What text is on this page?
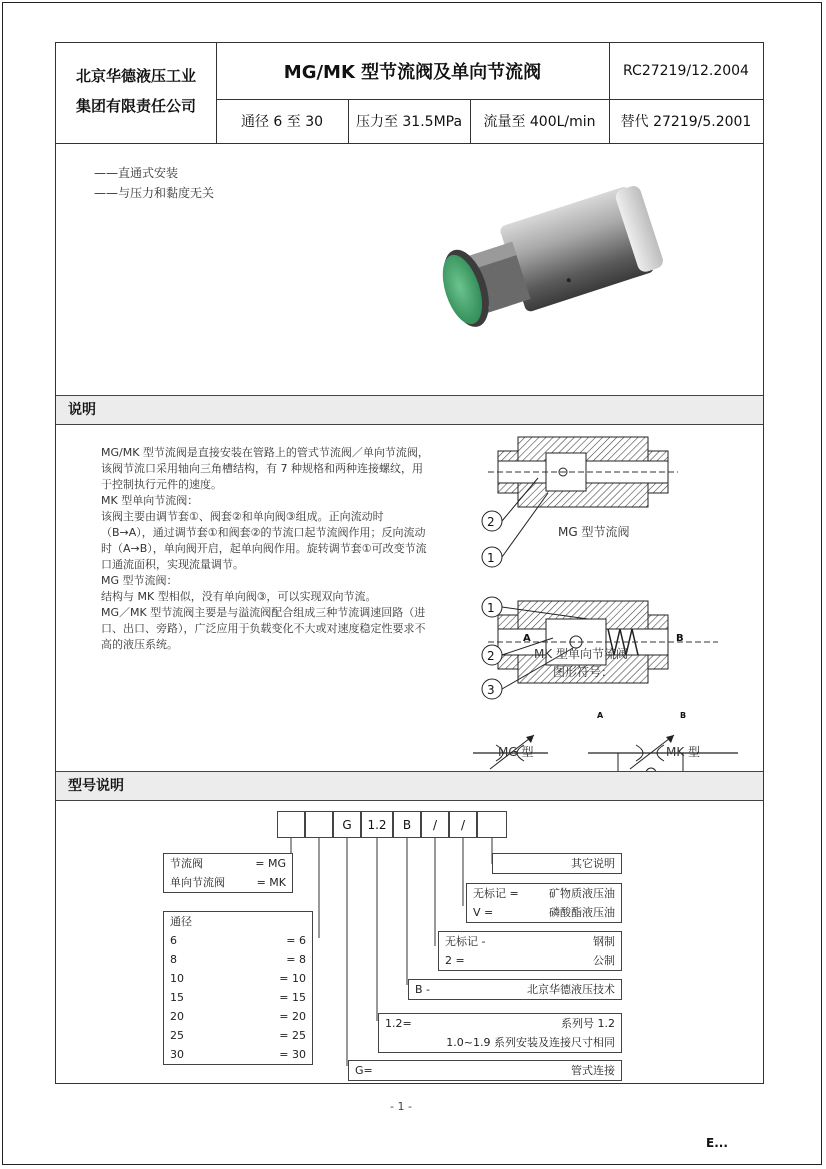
北京华德液压工业
集团有限责任公司
MG/MK 型节流阀及单向节流阀	RC27219/12.2004
通径 6 至 30	压力至 31.5MPa	流量至 400L/min	替代 27219/5.2001
——直通式安装
——与压力和黏度无关
说明

MG/MK 型节流阀是直接安装在管路上的管式节流阀／单向节流阀，该阀节流口采用轴向三角槽结构，有 7 种规格和两种连接螺纹，用于控制执行元件的速度。

MK 型单向节流阀：

该阀主要由调节套①、阀套②和单向阀③组成。正向流动时（B→A），通过调节套①和阀套②的节流口起节流阀作用；反向流动时（A→B），单向阀开启，起单向阀作用。旋转调节套①可改变节流口通流面积，实现流量调节。

MG 型节流阀：

结构与 MK 型相似，没有单向阀③，可以实现双向节流。

MG／MK 型节流阀主要是与溢流阀配合组成三种节流调速回路（进口、出口、旁路），广泛应用于负载变化不大或对速度稳定性要求不高的液压系统。

2
1
1
2
3
A	B
MG 型节流阀
MK 型单向节流阀
图形符号：
A	B
MG 型	MK 型
型号说明
G	1.2	B	/	/
节流阀	= MG
单向节流阀	= MK
通径
6	= 6
8	= 8
10	= 10
15	= 15
20	= 20
25	= 25
30	= 30
其它说明
无标记 =	矿物质液压油
V =	磷酸酯液压油
无标记 -	钢制
2 =	公制
B -	北京华德液压技术
1.2=	系列号 1.2
1.0~1.9 系列安装及连接尺寸相同
G=	管式连接
- 1 -
E...
